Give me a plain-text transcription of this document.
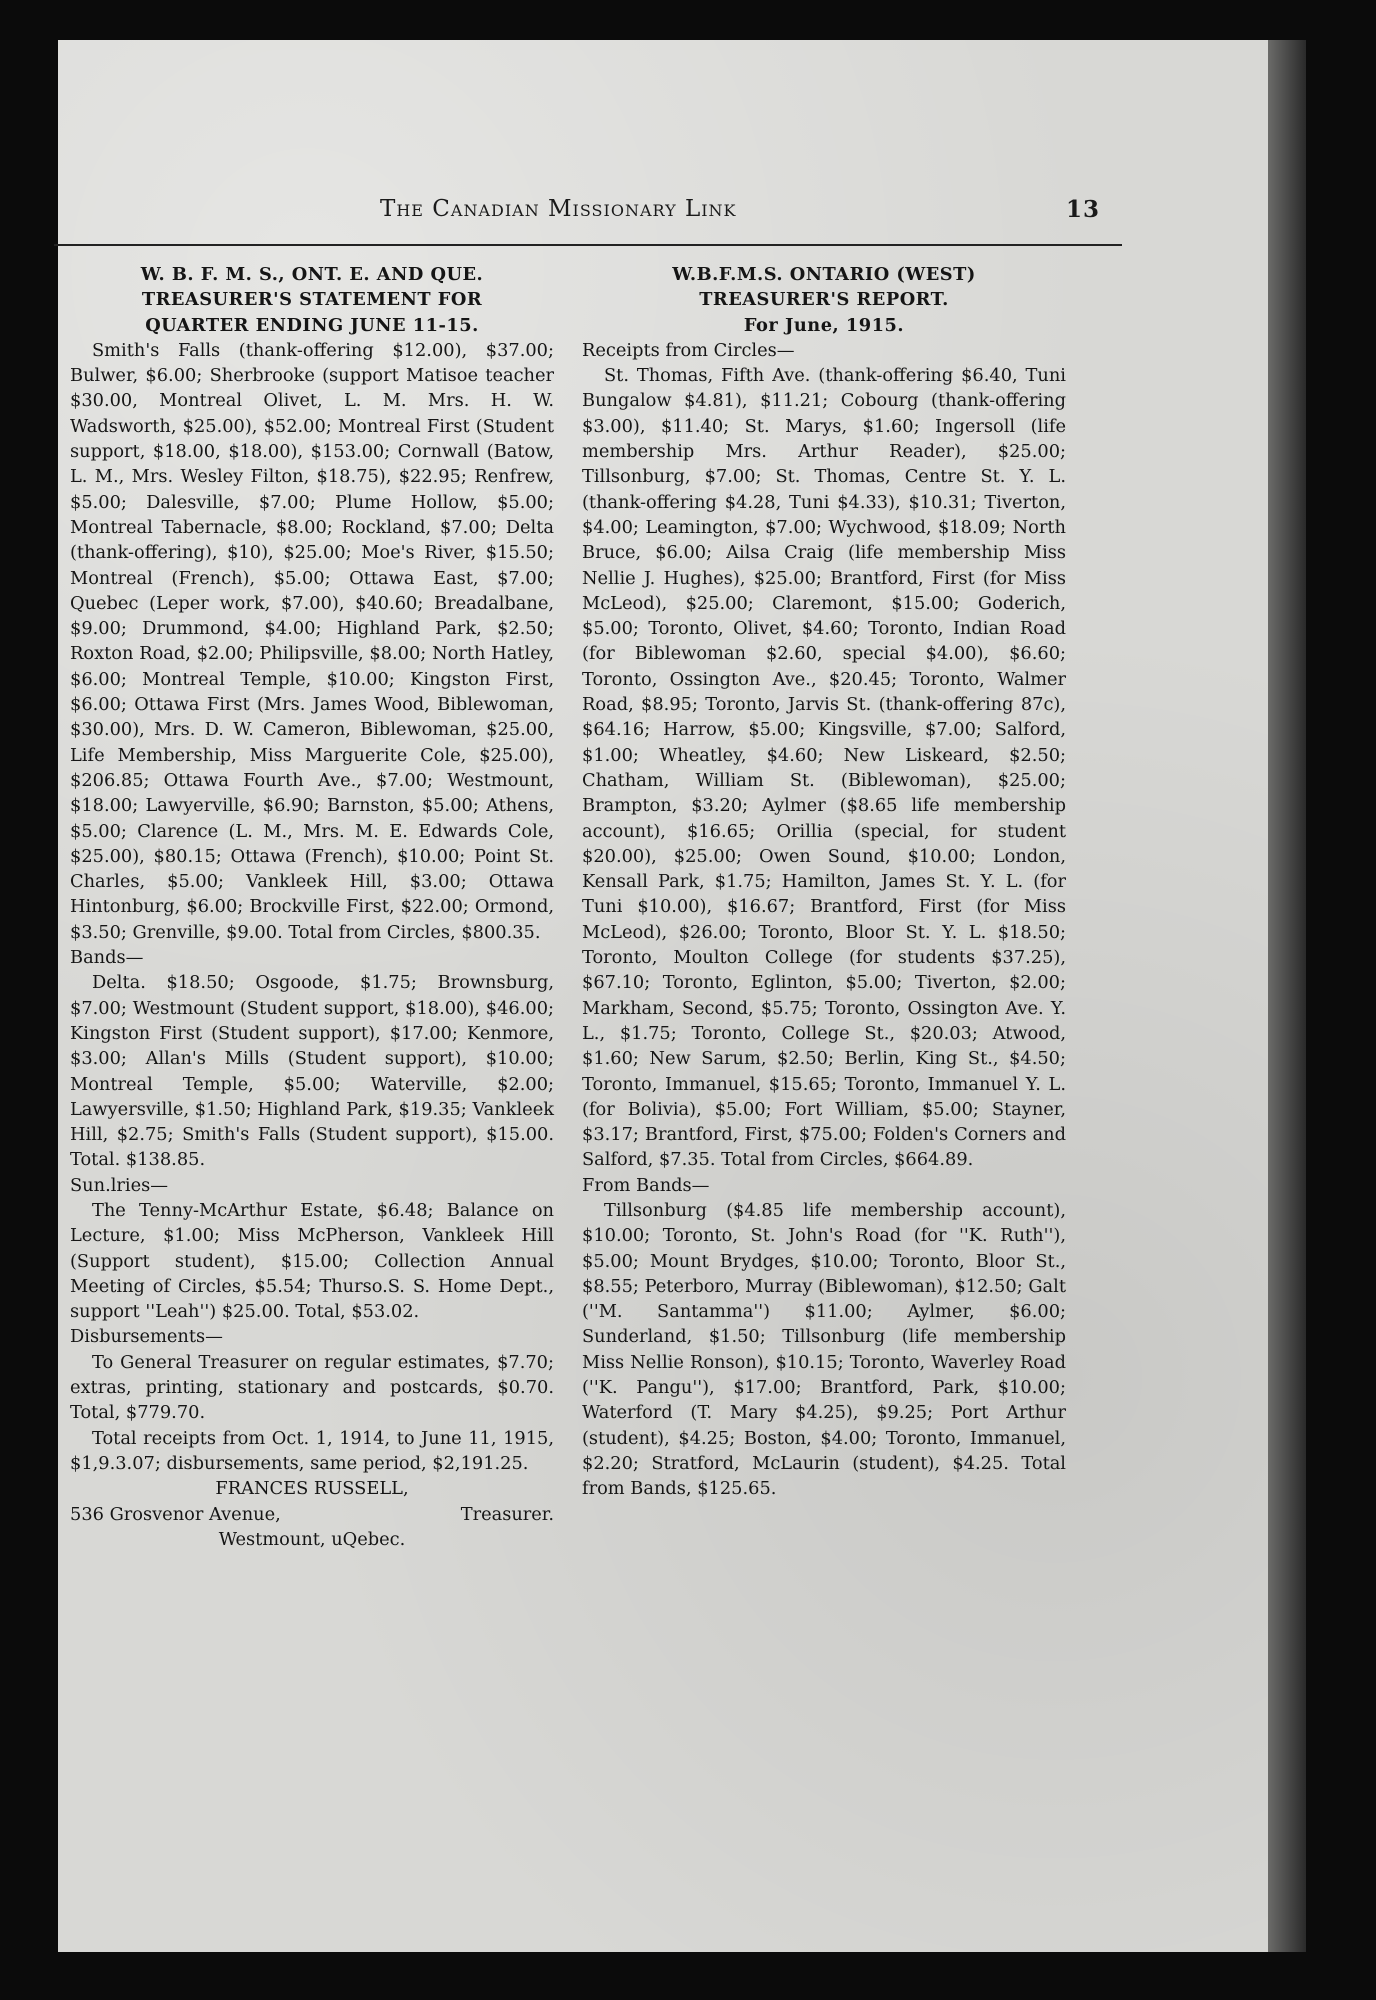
The Canadian Missionary Link	13
W. B. F. M. S., ONT. E. AND QUE.
TREASURER'S STATEMENT FOR
QUARTER ENDING JUNE 11-15.

Smith's Falls (thank-offering $12.00), $37.00; Bulwer, $6.00; Sherbrooke (support Matisoe teacher $30.00, Montreal Olivet, L. M. Mrs. H. W. Wadsworth, $25.00), $52.00; Montreal First (Student support, $18.00, $18.00), $153.00; Cornwall (Batow, L. M., Mrs. Wesley Filton, $18.75), $22.95; Renfrew, $5.00; Dalesville, $7.00; Plume Hollow, $5.00; Montreal Tabernacle, $8.00; Rockland, $7.00; Delta (thank-offering), $10), $25.00; Moe's River, $15.50; Montreal (French), $5.00; Ottawa East, $7.00; Quebec (Leper work, $7.00), $40.60; Breadalbane, $9.00; Drummond, $4.00; Highland Park, $2.50; Roxton Road, $2.00; Philipsville, $8.00; North Hatley, $6.00; Montreal Temple, $10.00; Kingston First, $6.00; Ottawa First (Mrs. James Wood, Biblewoman, $30.00), Mrs. D. W. Cameron, Biblewoman, $25.00, Life Membership, Miss Marguerite Cole, $25.00), $206.85; Ottawa Fourth Ave., $7.00; Westmount, $18.00; Lawyerville, $6.90; Barnston, $5.00; Athens, $5.00; Clarence (L. M., Mrs. M. E. Edwards Cole, $25.00), $80.15; Ottawa (French), $10.00; Point St. Charles, $5.00; Vankleek Hill, $3.00; Ottawa Hintonburg, $6.00; Brockville First, $22.00; Ormond, $3.50; Grenville, $9.00. Total from Circles, $800.35.

Bands—

Delta. $18.50; Osgoode, $1.75; Brownsburg, $7.00; Westmount (Student support, $18.00), $46.00; Kingston First (Student support), $17.00; Kenmore, $3.00; Allan's Mills (Student support), $10.00; Montreal Temple, $5.00; Waterville, $2.00; Lawyersville, $1.50; Highland Park, $19.35; Vankleek Hill, $2.75; Smith's Falls (Student support), $15.00. Total. $138.85.

Sun.lries—

The Tenny-McArthur Estate, $6.48; Balance on Lecture, $1.00; Miss McPherson, Vankleek Hill (Support student), $15.00; Collection Annual Meeting of Circles, $5.54; Thurso.S. S. Home Dept., support ''Leah'') $25.00. Total, $53.02.

Disbursements—

To General Treasurer on regular estimates, $7.70; extras, printing, stationary and postcards, $0.70. Total, $779.70.

Total receipts from Oct. 1, 1914, to June 11, 1915, $1,9.3.07; disbursements, same period, $2,191.25.

FRANCES RUSSELL,

536 Grosvenor Avenue,	Treasurer.

Westmount, uQebec.

W.B.F.M.S. ONTARIO (WEST)
TREASURER'S REPORT.
For June, 1915.

Receipts from Circles—

St. Thomas, Fifth Ave. (thank-offering $6.40, Tuni Bungalow $4.81), $11.21; Cobourg (thank-offering $3.00), $11.40; St. Marys, $1.60; Ingersoll (life membership Mrs. Arthur Reader), $25.00; Tillsonburg, $7.00; St. Thomas, Centre St. Y. L. (thank-offering $4.28, Tuni $4.33), $10.31; Tiverton, $4.00; Leamington, $7.00; Wychwood, $18.09; North Bruce, $6.00; Ailsa Craig (life membership Miss Nellie J. Hughes), $25.00; Brantford, First (for Miss McLeod), $25.00; Claremont, $15.00; Goderich, $5.00; Toronto, Olivet, $4.60; Toronto, Indian Road (for Biblewoman $2.60, special $4.00), $6.60; Toronto, Ossington Ave., $20.45; Toronto, Walmer Road, $8.95; Toronto, Jarvis St. (thank-offering 87c), $64.16; Harrow, $5.00; Kingsville, $7.00; Salford, $1.00; Wheatley, $4.60; New Liskeard, $2.50; Chatham, William St. (Biblewoman), $25.00; Brampton, $3.20; Aylmer ($8.65 life membership account), $16.65; Orillia (special, for student $20.00), $25.00; Owen Sound, $10.00; London, Kensall Park, $1.75; Hamilton, James St. Y. L. (for Tuni $10.00), $16.67; Brantford, First (for Miss McLeod), $26.00; Toronto, Bloor St. Y. L. $18.50; Toronto, Moulton College (for students $37.25), $67.10; Toronto, Eglinton, $5.00; Tiverton, $2.00; Markham, Second, $5.75; Toronto, Ossington Ave. Y. L., $1.75; Toronto, College St., $20.03; Atwood, $1.60; New Sarum, $2.50; Berlin, King St., $4.50; Toronto, Immanuel, $15.65; Toronto, Immanuel Y. L. (for Bolivia), $5.00; Fort William, $5.00; Stayner, $3.17; Brantford, First, $75.00; Folden's Corners and Salford, $7.35. Total from Circles, $664.89.

From Bands—

Tillsonburg ($4.85 life membership account), $10.00; Toronto, St. John's Road (for ''K. Ruth''), $5.00; Mount Brydges, $10.00; Toronto, Bloor St., $8.55; Peterboro, Murray (Biblewoman), $12.50; Galt (''M. Santamma'') $11.00; Aylmer, $6.00; Sunderland, $1.50; Tillsonburg (life membership Miss Nellie Ronson), $10.15; Toronto, Waverley Road (''K. Pangu''), $17.00; Brantford, Park, $10.00; Waterford (T. Mary $4.25), $9.25; Port Arthur (student), $4.25; Boston, $4.00; Toronto, Immanuel, $2.20; Stratford, McLaurin (student), $4.25. Total from Bands, $125.65.
